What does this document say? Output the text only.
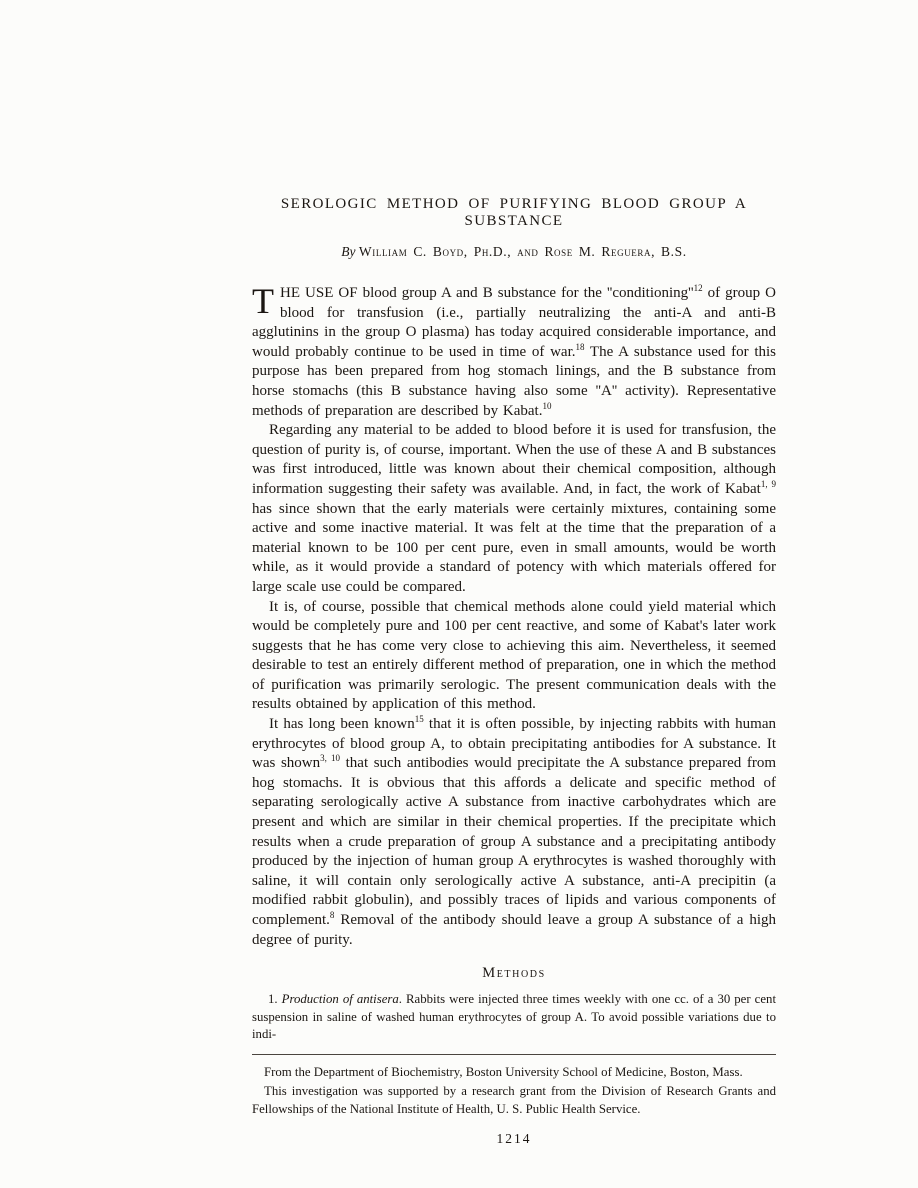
SEROLOGIC METHOD OF PURIFYING BLOOD GROUP A SUBSTANCE
By William C. Boyd, Ph.D., and Rose M. Reguera, B.S.

THE USE OF blood group A and B substance for the ''$conditioning''^{12}$ of group O blood for transfusion (i.e., partially neutralizing the anti-A and anti-B agglutinins in the group O plasma) has today acquired considerable importance, and would probably continue to be used in time of war.$^{18}$ The A substance used for this purpose has been prepared from hog stomach linings, and the B substance from horse stomachs (this B substance having also some ''A'' activity). Representative methods of preparation are described by Kabat.$^{10}$

Regarding any material to be added to blood before it is used for transfusion, the question of purity is, of course, important. When the use of these A and B substances was first introduced, little was known about their chemical composition, although information suggesting their safety was available. And, in fact, the work of Kabat$^{1, 9}$ has since shown that the early materials were certainly mixtures, containing some active and some inactive material. It was felt at the time that the preparation of a material known to be 100 per cent pure, even in small amounts, would be worth while, as it would provide a standard of potency with which materials offered for large scale use could be compared.

It is, of course, possible that chemical methods alone could yield material which would be completely pure and 100 per cent reactive, and some of Kabat's later work suggests that he has come very close to achieving this aim. Nevertheless, it seemed desirable to test an entirely different method of preparation, one in which the method of purification was primarily serologic. The present communication deals with the results obtained by application of this method.

It has long been known$^{15}$ that it is often possible, by injecting rabbits with human erythrocytes of blood group A, to obtain precipitating antibodies for A substance. It was shown$^{3, 10}$ that such antibodies would precipitate the A substance prepared from hog stomachs. It is obvious that this affords a delicate and specific method of separating serologically active A substance from inactive carbohydrates which are present and which are similar in their chemical properties. If the precipitate which results when a crude preparation of group A substance and a precipitating antibody produced by the injection of human group A erythrocytes is washed thoroughly with saline, it will contain only serologically active A substance, anti-A precipitin (a modified rabbit globulin), and possibly traces of lipids and various components of complement.$^8$ Removal of the antibody should leave a group A substance of a high degree of purity.

Methods

1. Production of antisera. Rabbits were injected three times weekly with one cc. of a 30 per cent suspension in saline of washed human erythrocytes of group A. To avoid possible variations due to indi-

From the Department of Biochemistry, Boston University School of Medicine, Boston, Mass.

This investigation was supported by a research grant from the Division of Research Grants and Fellowships of the National Institute of Health, U. S. Public Health Service.

1214
